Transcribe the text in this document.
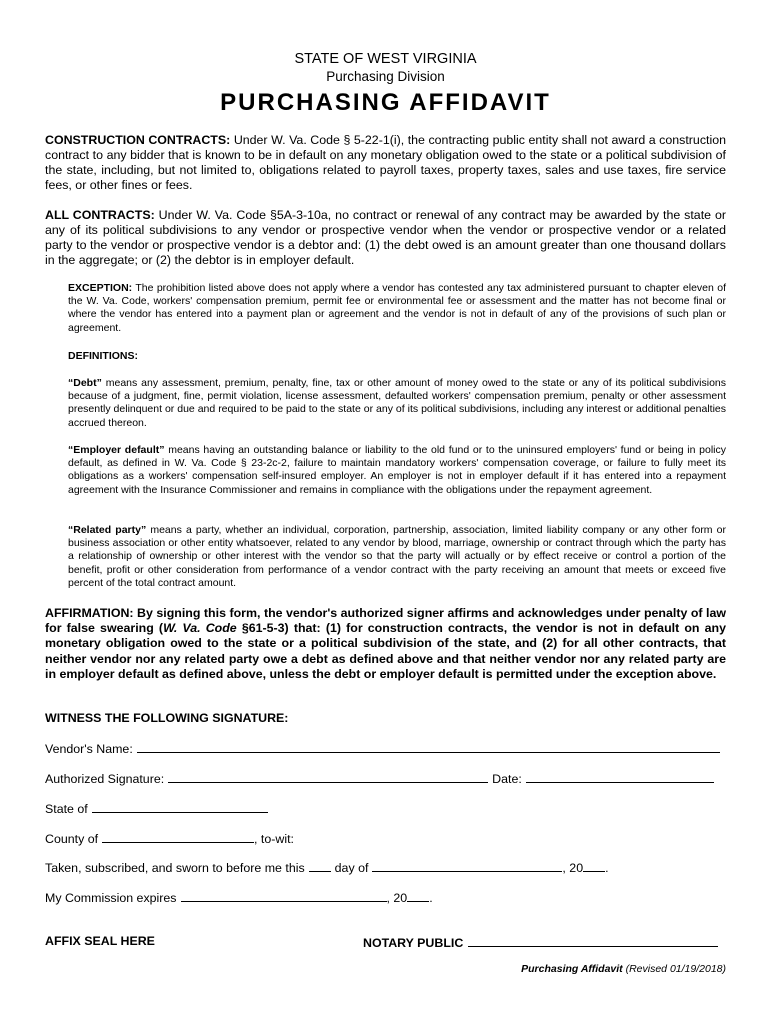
STATE OF WEST VIRGINIA

Purchasing Division

PURCHASING AFFIDAVIT

CONSTRUCTION CONTRACTS: Under W. Va. Code § 5-22-1(i), the contracting public entity shall not award a construction contract to any bidder that is known to be in default on any monetary obligation owed to the state or a political subdivision of the state, including, but not limited to, obligations related to payroll taxes, property taxes, sales and use taxes, fire service fees, or other fines or fees.

ALL CONTRACTS: Under W. Va. Code §5A-3-10a, no contract or renewal of any contract may be awarded by the state or any of its political subdivisions to any vendor or prospective vendor when the vendor or prospective vendor or a related party to the vendor or prospective vendor is a debtor and: (1) the debt owed is an amount greater than one thousand dollars in the aggregate; or (2) the debtor is in employer default.

EXCEPTION: The prohibition listed above does not apply where a vendor has contested any tax administered pursuant to chapter eleven of the W. Va. Code, workers' compensation premium, permit fee or environmental fee or assessment and the matter has not become final or where the vendor has entered into a payment plan or agreement and the vendor is not in default of any of the provisions of such plan or agreement.

DEFINITIONS:

“Debt” means any assessment, premium, penalty, fine, tax or other amount of money owed to the state or any of its political subdivisions because of a judgment, fine, permit violation, license assessment, defaulted workers' compensation premium, penalty or other assessment presently delinquent or due and required to be paid to the state or any of its political subdivisions, including any interest or additional penalties accrued thereon.

“Employer default” means having an outstanding balance or liability to the old fund or to the uninsured employers' fund or being in policy default, as defined in W. Va. Code § 23-2c-2, failure to maintain mandatory workers' compensation coverage, or failure to fully meet its obligations as a workers' compensation self-insured employer. An employer is not in employer default if it has entered into a repayment agreement with the Insurance Commissioner and remains in compliance with the obligations under the repayment agreement.

“Related party” means a party, whether an individual, corporation, partnership, association, limited liability company or any other form or business association or other entity whatsoever, related to any vendor by blood, marriage, ownership or contract through which the party has a relationship of ownership or other interest with the vendor so that the party will actually or by effect receive or control a portion of the benefit, profit or other consideration from performance of a vendor contract with the party receiving an amount that meets or exceed five percent of the total contract amount.

AFFIRMATION: By signing this form, the vendor's authorized signer affirms and acknowledges under penalty of law for false swearing (W. Va. Code §61-5-3) that: (1) for construction contracts, the vendor is not in default on any monetary obligation owed to the state or a political subdivision of the state, and (2) for all other contracts, that neither vendor nor any related party owe a debt as defined above and that neither vendor nor any related party are in employer default as defined above, unless the debt or employer default is permitted under the exception above.

WITNESS THE FOLLOWING SIGNATURE:

Vendor's Name:
Authorized Signature:	Date:
State of
County of	, to-wit:
Taken, subscribed, and sworn to before me this day of	, 20 .
My Commission expires	, 20 .
AFFIX SEAL HERE	NOTARY PUBLIC
Purchasing Affidavit (Revised 01/19/2018)
